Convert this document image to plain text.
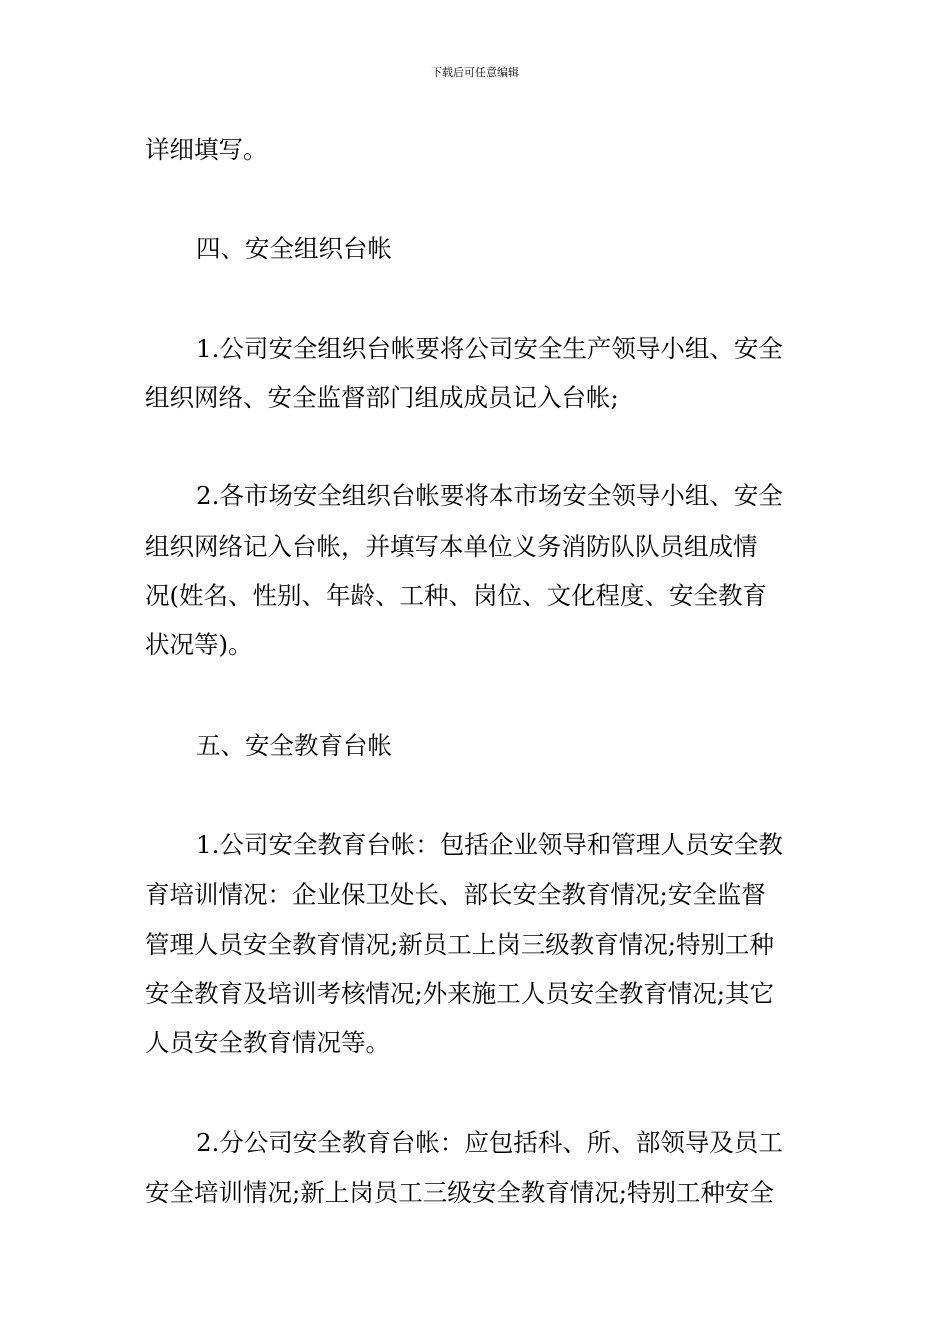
下载后可任意编辑
详细填写。
四、安全组织台帐
1.公司安全组织台帐要将公司安全生产领导小组、安全
组织网络、安全监督部门组成成员记入台帐;
2.各市场安全组织台帐要将本市场安全领导小组、安全
组织网络记入台帐，并填写本单位义务消防队队员组成情
况(姓名、性别、年龄、工种、岗位、文化程度、安全教育
状况等)。
五、安全教育台帐
1.公司安全教育台帐：包括企业领导和管理人员安全教
育培训情况：企业保卫处长、部长安全教育情况;安全监督
管理人员安全教育情况;新员工上岗三级教育情况;特别工种
安全教育及培训考核情况;外来施工人员安全教育情况;其它
人员安全教育情况等。
2.分公司安全教育台帐：应包括科、所、部领导及员工
安全培训情况;新上岗员工三级安全教育情况;特别工种安全
